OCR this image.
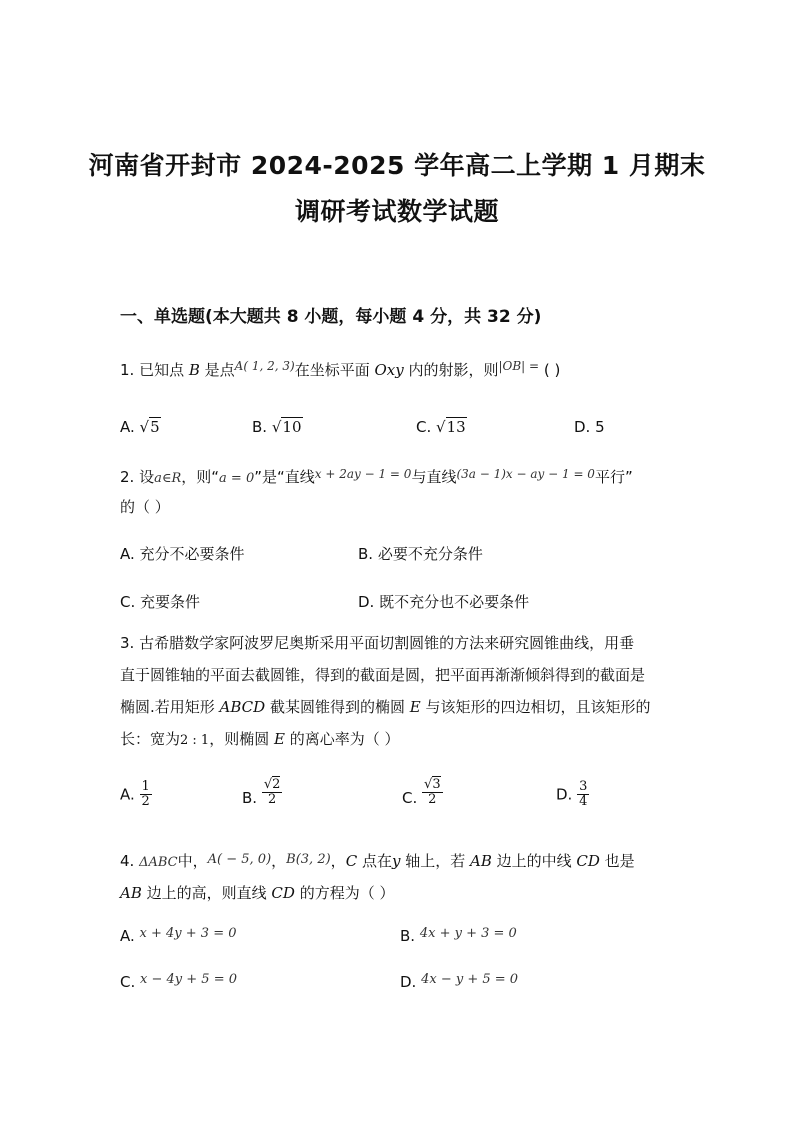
河南省开封市 2024-2025 学年高二上学期 1 月期末
调研考试数学试题
一、单选题(本大题共 8 小题，每小题 4 分，共 32 分)
1. 已知点 B 是点$^{A( 1, 2, 3)}$在坐标平面 Oxy 内的射影，则$^{|OB| =}$ ( )
A. √5	B. √10	C. √13	D. 5
2. 设a∈R，则“a = 0”是“直线$^{x + 2ay - 1 = 0}$与直线$^{(3a - 1)x - ay - 1 = 0}$平行”
的（ ）
A. 充分不必要条件	B. 必要不充分条件
C. 充要条件	D. 既不充分也不必要条件
3. 古希腊数学家阿波罗尼奥斯采用平面切割圆锥的方法来研究圆锥曲线，用垂
直于圆锥轴的平面去截圆锥，得到的截面是圆，把平面再渐渐倾斜得到的截面是
椭圆.若用矩形 ABCD 截某圆锥得到的椭圆 E 与该矩形的四边相切，且该矩形的
长：宽为2 : 1，则椭圆 E 的离心率为（ ）
A. $\frac{1}{2}$	B. $\frac{√2}{2}$	C. $\frac{√3}{2}$	D. $\frac{3}{4}$
4. ΔABC中，A( − 5, 0)，B(3, 2)，C 点在y 轴上，若 AB 边上的中线 CD 也是
AB 边上的高，则直线 CD 的方程为（ ）
A. x + 4y + 3 = 0	B. 4x + y + 3 = 0
C. x − 4y + 5 = 0	D. 4x − y + 5 = 0
